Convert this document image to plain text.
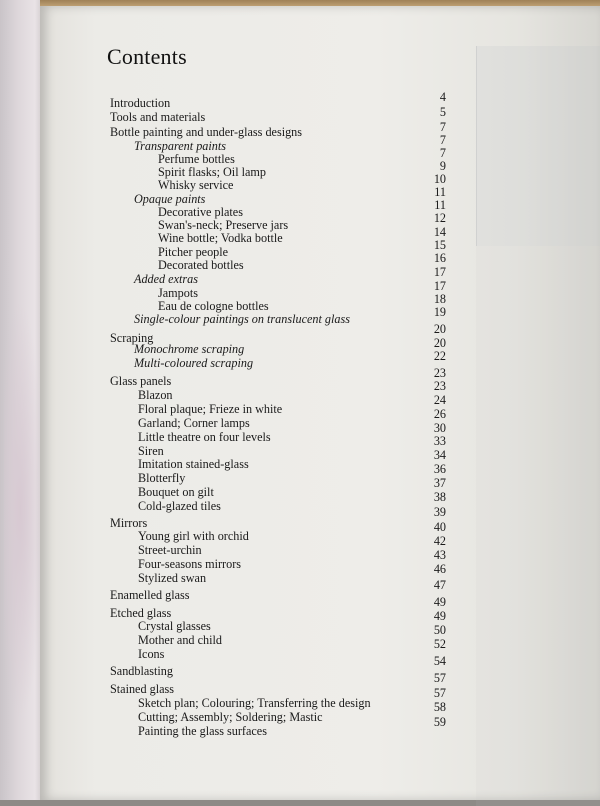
Contents

Introduction

Tools and materials

Bottle painting and under-glass designs

Transparent paints

Perfume bottles

Spirit flasks; Oil lamp

Whisky service

Opaque paints

Decorative plates

Swan's-neck; Preserve jars

Wine bottle; Vodka bottle

Pitcher people

Decorated bottles

Added extras

Jampots

Eau de cologne bottles

Single-colour paintings on translucent glass

Scraping

Monochrome scraping

Multi-coloured scraping

Glass panels

Blazon

Floral plaque; Frieze in white

Garland; Corner lamps

Little theatre on four levels

Siren

Imitation stained-glass

Blotterfly

Bouquet on gilt

Cold-glazed tiles

Mirrors

Young girl with orchid

Street-urchin

Four-seasons mirrors

Stylized swan

Enamelled glass

Etched glass

Crystal glasses

Mother and child

Icons

Sandblasting

Stained glass

Sketch plan; Colouring; Transferring the design

Cutting; Assembly; Soldering; Mastic

Painting the glass surfaces

4
5
7
7
7
9
10
11
11
12
14
15
16
17
17
18
19
20
20
22
23
23
24
26
30
33
34
36
37
38
39
40
42
43
46
47
49
49
50
52
54
57
57
58
59
